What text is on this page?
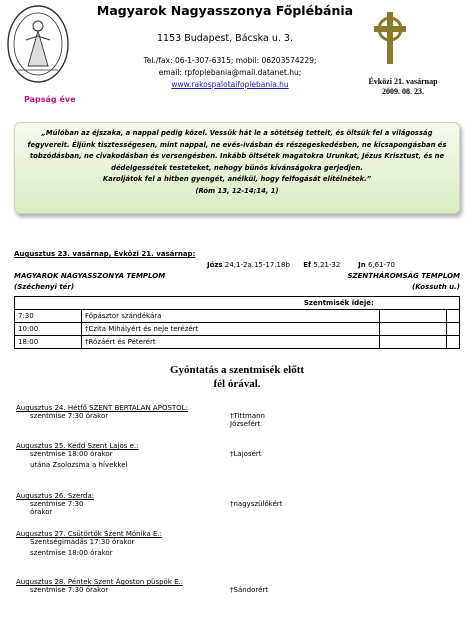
Magyarok Nagyasszonya Főplébánia
1153 Budapest, Bácska u. 3.
Tel./fax: 06-1-307-6315; mobil: 06203574229;
email: rpfoplebania@mail.datanet.hu;
www.rakospalotaifoplebania.hu	Évközi 21. vasárnap
2009. 08. 23.
Papság éve

„Múlóban az éjszaka, a nappal pedig közel. Vessük hát le a sötétség tetteit, és öltsük fel a világosság

fegyvereit. Éljünk tisztességesen, mint nappal, ne evés-ivásban és részegeskedésben, ne kicsapongásban és

tobzódásban, ne civakodásban és versengésben. Inkább öltsétek magatokra Urunkat, Jézus Krisztust, és ne

dédelgessétek testeteket, nehogy bűnös kívánságokra gerjedjen.

Karoljátok fel a hitben gyengét, anélkül, hogy felfogását elítélnétek.”

(Róm 13, 12-14;14, 1)

Augusztus 23. vasárnap, Évközi 21. vasárnap:
Józs 24,1-2a.15-17.18b Ef 5,21-32	Jn 6,61-70
MAGYAROK NAGYASSZONYA TEMPLOM	SZENTHÁROMSÁG TEMPLOM
(Széchenyi tér)	(Kossuth u.)
		Szentmisék ideje:		
7:30	Főpásztor szándékára			
10:00	†Czita Mihályért és neje terézért			
18:00	†Rózáért és Péterért			
Gyóntatás a szentmisék előtt
fél órával.
Augusztus 24. Hétfő SZENT BERTALAN APOSTOL:
szentmise 7:30 órakor	†Tittmann Józsefért
Augusztus 25. Kedd Szent Lajos e.:
szentmise 18:00 órakor	†Lajosért
utána Zsolozsma a hívekkel
Augusztus 26. Szerda:
szentmise 7:30 órakor
†nagyszülőkért
Augusztus 27. Csütörtök Szent Mónika E.:
Szentségimádás 17:30 órakor
szentmise 18:00 órakor
Augusztus 28. Péntek Szent Ágoston püspök E.:
szentmise 7:30 órakor	†Sándorért
